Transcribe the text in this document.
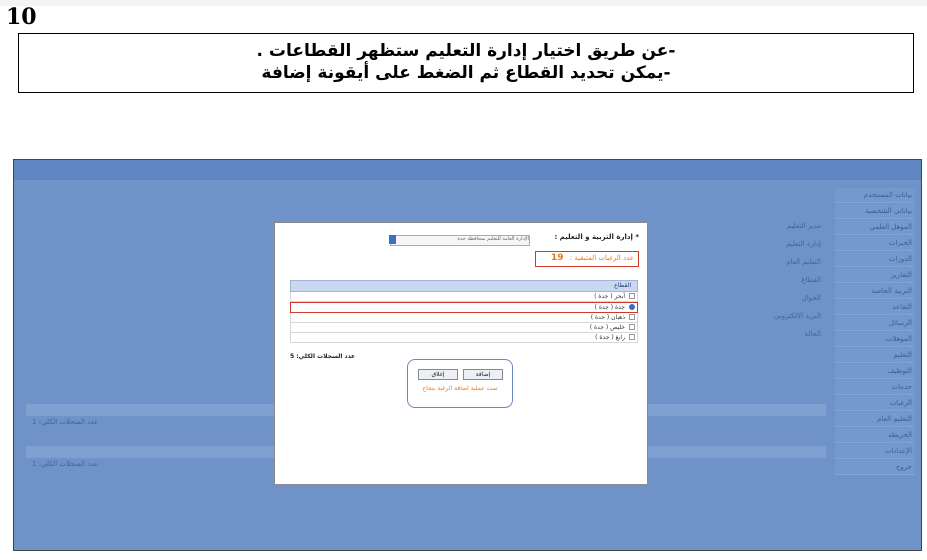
10
-عن طريق اختيار إدارة التعليم ستظهر القطاعات .
-يمكن تحديد القطاع ثم الضغط على أيقونة إضافة
بيانات المستخدم
بياناتي الشخصية
المؤهل العلمي
الخبرات
الدورات
التقارير
التربية الخاصة
التقاعد
الرسائل
المؤهلات
التعليم
التوظيف
خدمات
الرغبات
التعليم العام
الخريطة
الإعدادات
خروج
مدير التعليم
إدارة التعليم
التعليم العام
القطاع
الجوال
البريد الالكتروني
الحالة
عدد السجلات الكلي: 1
عدد السجلات الكلي: 1
* إدارة التربية و التعليم :
الإدارة العامة للتعليم بمحافظة جدة
عدد الرغبات المتبقية : 19
القطاع
أبحر ( جدة )
جدة ( جدة )
ذهبان ( جدة )
خليص ( جدة )
رابغ ( جدة )
عدد السجلات الكلي: 5
إغلاق	إضافة
تمت عملية اضافة الرغبة بنجاح
